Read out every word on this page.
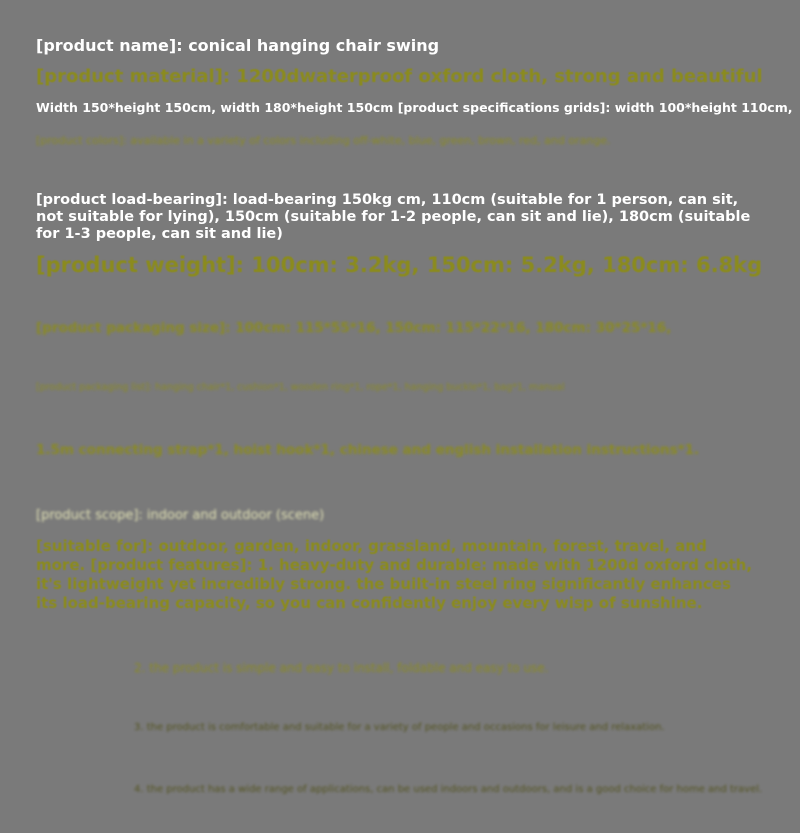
[product name]: conical hanging chair swing

[product material]: 1200dwaterproof oxford cloth, strong and beautiful

Width 150*height 150cm, width 180*height 150cm [product specifications grids]: width 100*height 110cm,

[product colors]: available in a variety of colors including off-white, blue, green, brown, red, and orange.

[product load-bearing]: load-bearing 150kg cm, 110cm (suitable for 1 person, can sit, not suitable for lying), 150cm (suitable for 1-2 people, can sit and lie), 180cm (suitable for 1-3 people, can sit and lie)

[product weight]: 100cm: 3.2kg, 150cm: 5.2kg, 180cm: 6.8kg

[product packaging size]: 100cm: 115*55*16, 150cm: 115*22*16, 180cm: 30*25*16,

[product packaging list]: hanging chair*1, cushion*1, wooden ring*1, rope*1, hanging buckle*1, bag*1, manual

1.5m connecting strap*1, hoist hook*1, chinese and english installation instructions*1.

[product scope]: indoor and outdoor (scene)

[suitable for]: outdoor, garden, indoor, grassland, mountain, forest, travel, and more. [product features]: 1. heavy-duty and durable: made with 1200d oxford cloth, it's lightweight yet incredibly strong. the built-in steel ring significantly enhances its load-bearing capacity, so you can confidently enjoy every wisp of sunshine.

2. the product is simple and easy to install, foldable and easy to use.

3. the product is comfortable and suitable for a variety of people and occasions for leisure and relaxation.

4. the product has a wide range of applications, can be used indoors and outdoors, and is a good choice for home and travel.
